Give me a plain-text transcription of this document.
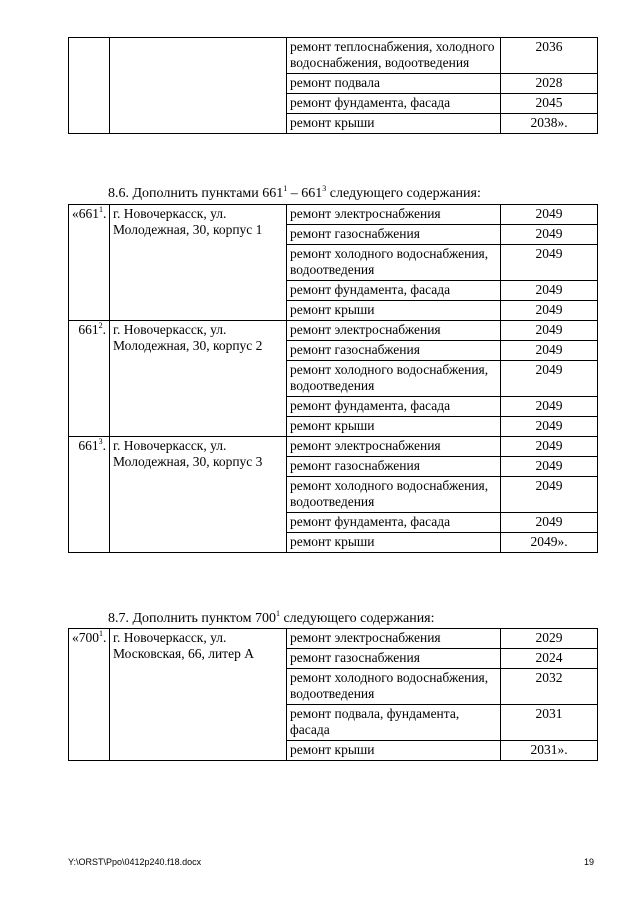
		ремонт теплоснабжения, холодного водоснабжения, водоотведения	2036
		ремонт подвала	2028
		ремонт фундамента, фасада	2045
		ремонт крыши	2038».
8.6. Дополнить пунктами $661^1 - 661^3$ следующего содержания:
«$661^1$.	г. Новочеркасск, ул. Молодежная, 30, корпус 1	ремонт электроснабжения	2049
		ремонт газоснабжения	2049
		ремонт холодного водоснабжения, водоотведения	2049
		ремонт фундамента, фасада	2049
		ремонт крыши	2049
$661^2$.	г. Новочеркасск, ул. Молодежная, 30, корпус 2	ремонт электроснабжения	2049
		ремонт газоснабжения	2049
		ремонт холодного водоснабжения, водоотведения	2049
		ремонт фундамента, фасада	2049
		ремонт крыши	2049
$661^3$.	г. Новочеркасск, ул. Молодежная, 30, корпус 3	ремонт электроснабжения	2049
		ремонт газоснабжения	2049
		ремонт холодного водоснабжения, водоотведения	2049
		ремонт фундамента, фасада	2049
		ремонт крыши	2049».
8.7. Дополнить пунктом $700^1$ следующего содержания:
«$700^1$.	г. Новочеркасск, ул. Московская, 66, литер А	ремонт электроснабжения	2029
		ремонт газоснабжения	2024
		ремонт холодного водоснабжения, водоотведения	2032
		ремонт подвала, фундамента, фасада	2031
		ремонт крыши	2031».
Y:\ORST\Ppo\0412p240.f18.docx	19
